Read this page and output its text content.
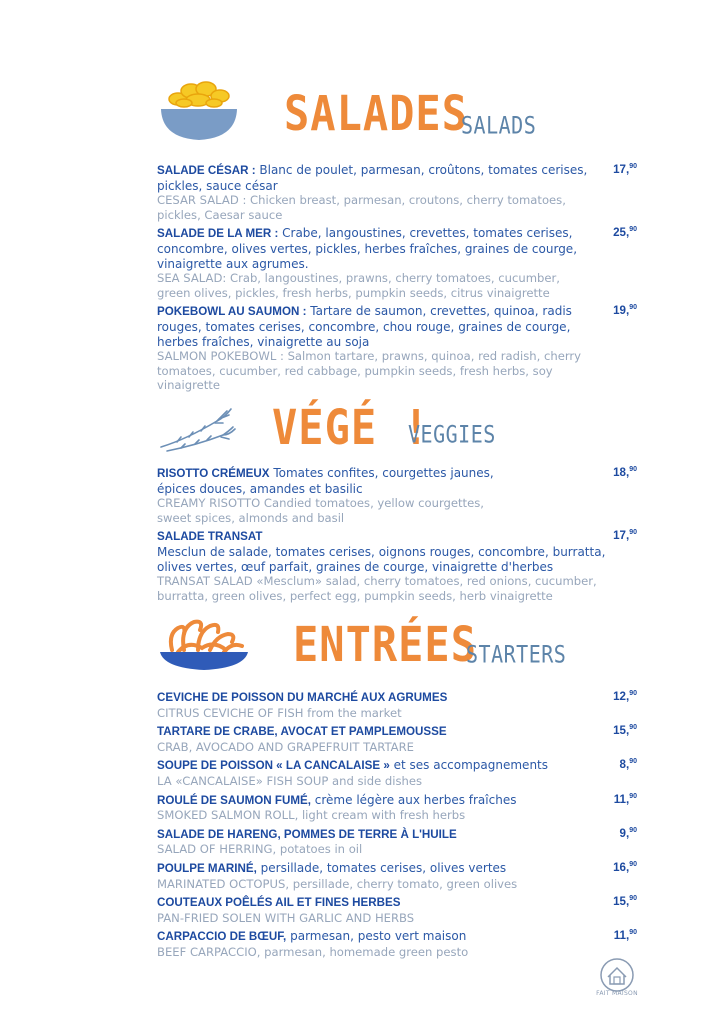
SALADES
SALADS
SALADE CÉSAR : Blanc de poulet, parmesan, croûtons, tomates cerises, pickles, sauce césar
CESAR SALAD : Chicken breast, parmesan, croutons, cherry tomatoes, pickles, Caesar sauce
17,90
SALADE DE LA MER : Crabe, langoustines, crevettes, tomates cerises, concombre, olives vertes, pickles, herbes fraîches, graines de courge, vinaigrette aux agrumes.
SEA SALAD: Crab, langoustines, prawns, cherry tomatoes, cucumber, green olives, pickles, fresh herbs, pumpkin seeds, citrus vinaigrette
25,90
POKEBOWL AU SAUMON : Tartare de saumon, crevettes, quinoa, radis rouges, tomates cerises, concombre, chou rouge, graines de courge, herbes fraîches, vinaigrette au soja
SALMON POKEBOWL : Salmon tartare, prawns, quinoa, red radish, cherry tomatoes, cucumber, red cabbage, pumpkin seeds, fresh herbs, soy vinaigrette
19,90
VÉGÉ !
VEGGIES
RISOTTO CRÉMEUX Tomates confites, courgettes jaunes, épices douces, amandes et basilic
CREAMY RISOTTO Candied tomatoes, yellow courgettes, sweet spices, almonds and basil
18,90
SALADE TRANSAT
Mesclun de salade, tomates cerises, oignons rouges, concombre, burratta, olives vertes, œuf parfait, graines de courge, vinaigrette d'herbes
TRANSAT SALAD «Mesclum» salad, cherry tomatoes, red onions, cucumber, burratta, green olives, perfect egg, pumpkin seeds, herb vinaigrette
17,90
ENTRÉES
STARTERS
CEVICHE DE POISSON DU MARCHÉ AUX AGRUMES
CITRUS CEVICHE OF FISH from the market
12,90
TARTARE DE CRABE, AVOCAT ET PAMPLEMOUSSE
CRAB, AVOCADO AND GRAPEFRUIT TARTARE
15,90
SOUPE DE POISSON « LA CANCALAISE » et ses accompagnements
LA «CANCALAISE» FISH SOUP and side dishes
8,90
ROULÉ DE SAUMON FUMÉ, crème légère aux herbes fraîches
SMOKED SALMON ROLL, light cream with fresh herbs
11,90
SALADE DE HARENG, POMMES DE TERRE À L'HUILE
SALAD OF HERRING, potatoes in oil
9,90
POULPE MARINÉ, persillade, tomates cerises, olives vertes
MARINATED OCTOPUS, persillade, cherry tomato, green olives
16,90
COUTEAUX POÊLÉS AIL ET FINES HERBES
PAN-FRIED SOLEN WITH GARLIC AND HERBS
15,90
CARPACCIO DE BŒUF, parmesan, pesto vert maison
BEEF CARPACCIO, parmesan, homemade green pesto
11,90
FAIT MAISON
